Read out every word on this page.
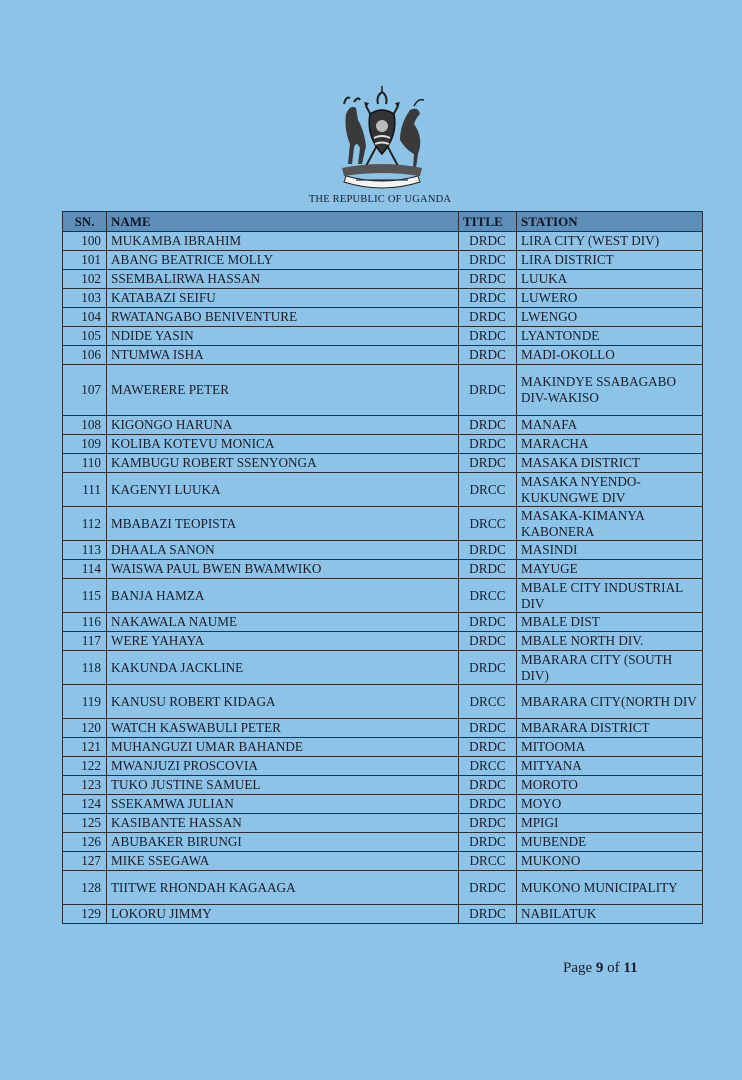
THE REPUBLIC OF UGANDA
SN.	NAME	TITLE	STATION
100	MUKAMBA IBRAHIM	DRDC	LIRA CITY (WEST DIV)
101	ABANG BEATRICE MOLLY	DRDC	LIRA DISTRICT
102	SSEMBALIRWA HASSAN	DRDC	LUUKA
103	KATABAZI SEIFU	DRDC	LUWERO
104	RWATANGABO BENIVENTURE	DRDC	LWENGO
105	NDIDE YASIN	DRDC	LYANTONDE
106	NTUMWA ISHA	DRDC	MADI-OKOLLO
107	MAWERERE PETER	DRDC	MAKINDYE SSABAGABO DIV-WAKISO
108	KIGONGO HARUNA	DRDC	MANAFA
109	KOLIBA KOTEVU MONICA	DRDC	MARACHA
110	KAMBUGU ROBERT SSENYONGA	DRDC	MASAKA DISTRICT
111	KAGENYI LUUKA	DRCC	MASAKA NYENDO-KUKUNGWE DIV
112	MBABAZI TEOPISTA	DRCC	MASAKA-KIMANYA KABONERA
113	DHAALA SANON	DRDC	MASINDI
114	WAISWA PAUL BWEN BWAMWIKO	DRDC	MAYUGE
115	BANJA HAMZA	DRCC	MBALE CITY INDUSTRIAL DIV
116	NAKAWALA NAUME	DRDC	MBALE DIST
117	WERE YAHAYA	DRDC	MBALE NORTH DIV.
118	KAKUNDA JACKLINE	DRDC	MBARARA CITY (SOUTH DIV)
119	KANUSU ROBERT KIDAGA	DRCC	MBARARA CITY(NORTH DIV
120	WATCH KASWABULI PETER	DRDC	MBARARA DISTRICT
121	MUHANGUZI UMAR BAHANDE	DRDC	MITOOMA
122	MWANJUZI PROSCOVIA	DRCC	MITYANA
123	TUKO JUSTINE SAMUEL	DRDC	MOROTO
124	SSEKAMWA JULIAN	DRDC	MOYO
125	KASIBANTE HASSAN	DRDC	MPIGI
126	ABUBAKER BIRUNGI	DRDC	MUBENDE
127	MIKE SSEGAWA	DRCC	MUKONO
128	TIITWE RHONDAH KAGAAGA	DRDC	MUKONO MUNICIPALITY
129	LOKORU JIMMY	DRDC	NABILATUK
Page 9 of 11
